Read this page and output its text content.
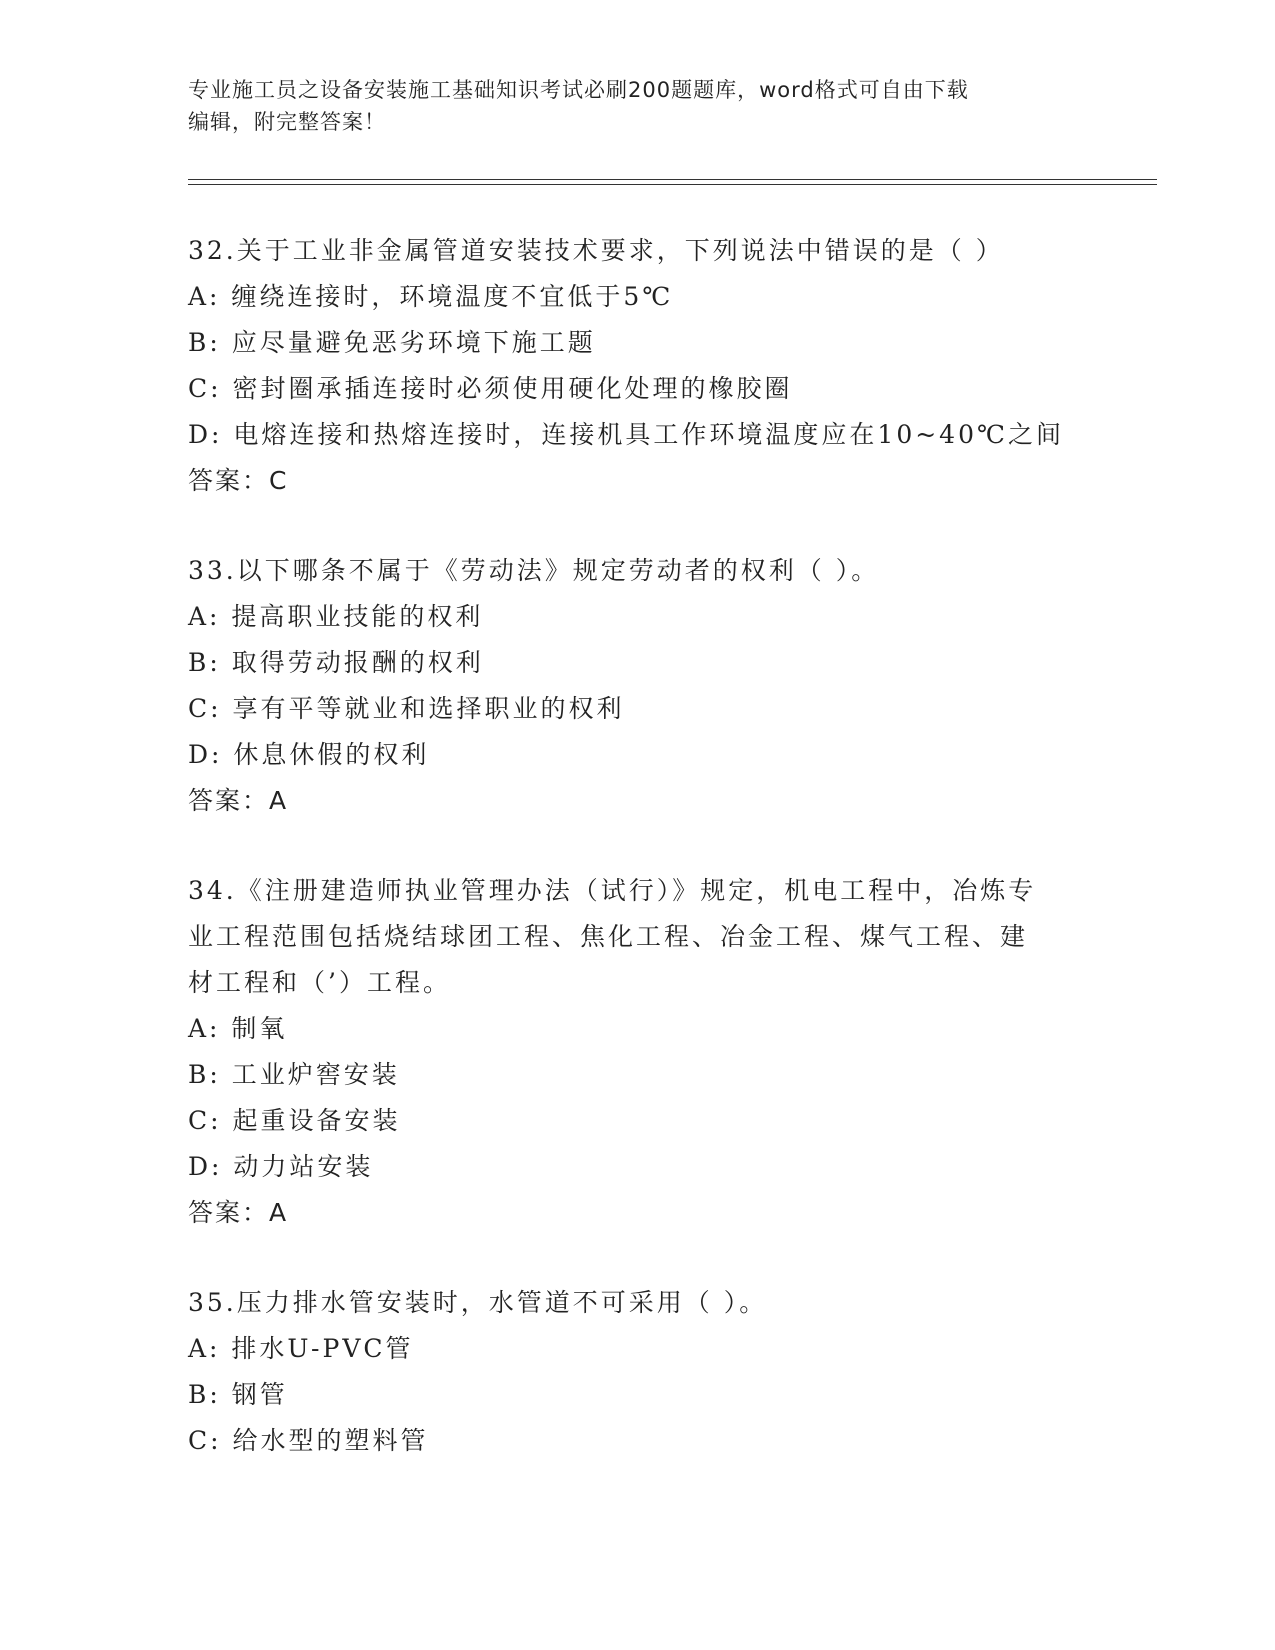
专业施工员之设备安装施工基础知识考试必刷200题题库，word格式可自由下载
编辑，附完整答案！
32.关于工业非金属管道安装技术要求，下列说法中错误的是（ ）
A: 缠绕连接时，环境温度不宜低于5℃
B: 应尽量避免恶劣环境下施工题
C: 密封圈承插连接时必须使用硬化处理的橡胶圈
D: 电熔连接和热熔连接时，连接机具工作环境温度应在10~40℃之间
答案：C
33.以下哪条不属于《劳动法》规定劳动者的权利（ ）。
A: 提高职业技能的权利
B: 取得劳动报酬的权利
C: 享有平等就业和选择职业的权利
D: 休息休假的权利
答案：A
34.《注册建造师执业管理办法（试行）》规定，机电工程中，冶炼专
业工程范围包括烧结球团工程、焦化工程、冶金工程、煤气工程、建
材工程和（’）工程。
A: 制氧
B: 工业炉窖安装
C: 起重设备安装
D: 动力站安装
答案：A
35.压力排水管安装时，水管道不可采用（ ）。
A: 排水U-PVC管
B: 钢管
C: 给水型的塑料管
